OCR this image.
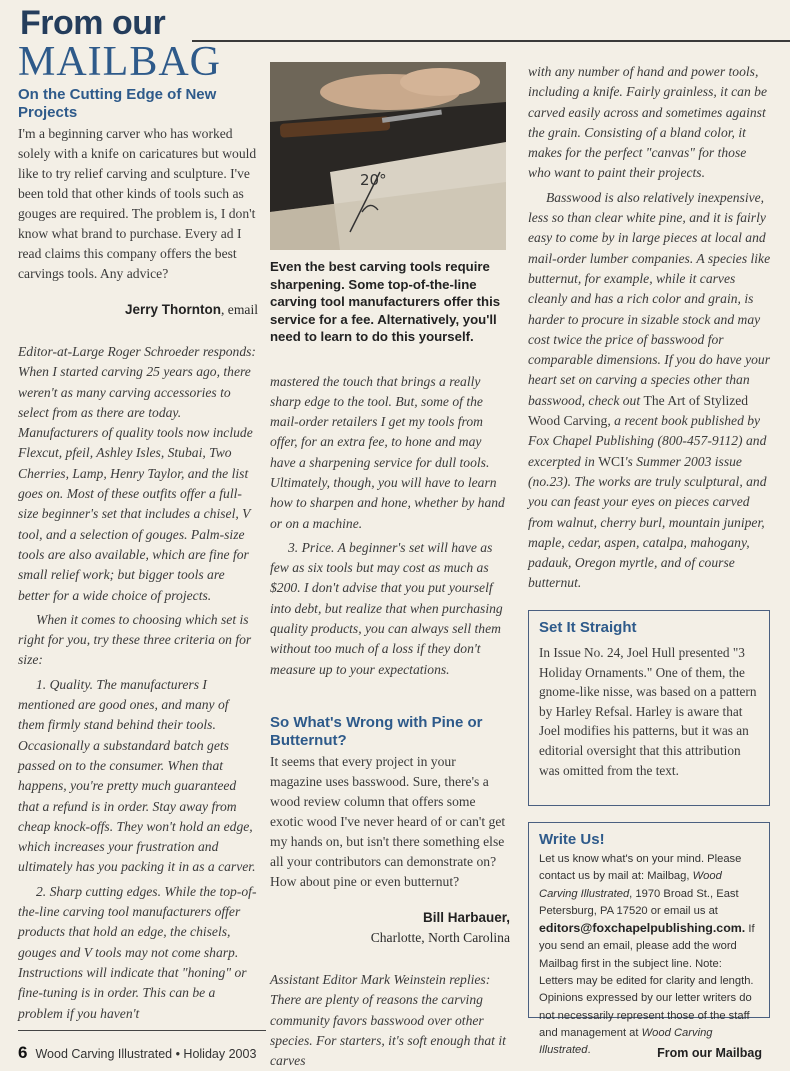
From our
MAILBAG
On the Cutting Edge of New Projects

I'm a beginning carver who has worked solely with a knife on caricatures but would like to try relief carving and sculpture. I've been told that other kinds of tools such as gouges are required. The problem is, I don't know what brand to purchase. Every ad I read claims this company offers the best carvings tools. Any advice?

Jerry Thornton, email

Editor-at-Large Roger Schroeder responds: When I started carving 25 years ago, there weren't as many carving accessories to select from as there are today. Manufacturers of quality tools now include Flexcut, pfeil, Ashley Isles, Stubai, Two Cherries, Lamp, Henry Taylor, and the list goes on. Most of these outfits offer a full-size beginner's set that includes a chisel, V tool, and a selection of gouges. Palm-size tools are also available, which are fine for small relief work; but bigger tools are better for a wide choice of projects.

When it comes to choosing which set is right for you, try these three criteria on for size:

1. Quality. The manufacturers I mentioned are good ones, and many of them firmly stand behind their tools. Occasionally a substandard batch gets passed on to the consumer. When that happens, you're pretty much guaranteed that a refund is in order. Stay away from cheap knock-offs. They won't hold an edge, which increases your frustration and ultimately has you packing it in as a carver.

2. Sharp cutting edges. While the top-of-the-line carving tool manufacturers offer products that hold an edge, the chisels, gouges and V tools may not come sharp. Instructions will indicate that "honing" or fine-tuning is in order. This can be a problem if you haven't

20°

Even the best carving tools require sharpening. Some top-of-the-line carving tool manufacturers offer this service for a fee. Alternatively, you'll need to learn to do this yourself.

mastered the touch that brings a really sharp edge to the tool. But, some of the mail-order retailers I get my tools from offer, for an extra fee, to hone and may have a sharpening service for dull tools. Ultimately, though, you will have to learn how to sharpen and hone, whether by hand or on a machine.

3. Price. A beginner's set will have as few as six tools but may cost as much as $200. I don't advise that you put yourself into debt, but realize that when purchasing quality products, you can always sell them without too much of a loss if they don't measure up to your expectations.

So What's Wrong with Pine or Butternut?

It seems that every project in your magazine uses basswood. Sure, there's a wood review column that offers some exotic wood I've never heard of or can't get my hands on, but isn't there something else all your contributors can demonstrate on? How about pine or even butternut?

Bill Harbauer,

Charlotte, North Carolina

Assistant Editor Mark Weinstein replies: There are plenty of reasons the carving community favors basswood over other species. For starters, it's soft enough that it carves

with any number of hand and power tools, including a knife. Fairly grainless, it can be carved easily across and sometimes against the grain. Consisting of a bland color, it makes for the perfect "canvas" for those who want to paint their projects.

Basswood is also relatively inexpensive, less so than clear white pine, and it is fairly easy to come by in large pieces at local and mail-order lumber companies. A species like butternut, for example, while it carves cleanly and has a rich color and grain, is harder to procure in sizable stock and may cost twice the price of basswood for comparable dimensions. If you do have your heart set on carving a species other than basswood, check out The Art of Stylized Wood Carving, a recent book published by Fox Chapel Publishing (800-457-9112) and excerpted in WCI's Summer 2003 issue (no.23). The works are truly sculptural, and you can feast your eyes on pieces carved from walnut, cherry burl, mountain juniper, maple, cedar, aspen, catalpa, mahogany, padauk, Oregon myrtle, and of course butternut.

Set It Straight

In Issue No. 24, Joel Hull presented "3 Holiday Ornaments." One of them, the gnome-like nisse, was based on a pattern by Harley Refsal. Harley is aware that Joel modifies his patterns, but it was an editorial oversight that this attribution was omitted from the text.

Write Us!

Let us know what's on your mind. Please contact us by mail at: Mailbag, Wood Carving Illustrated, 1970 Broad St., East Petersburg, PA 17520 or email us at editors@foxchapelpublishing.com. If you send an email, please add the word Mailbag first in the subject line. Note: Letters may be edited for clarity and length. Opinions expressed by our letter writers do not necessarily represent those of the staff and management at Wood Carving Illustrated.

6 Wood Carving Illustrated • Holiday 2003	From our Mailbag
